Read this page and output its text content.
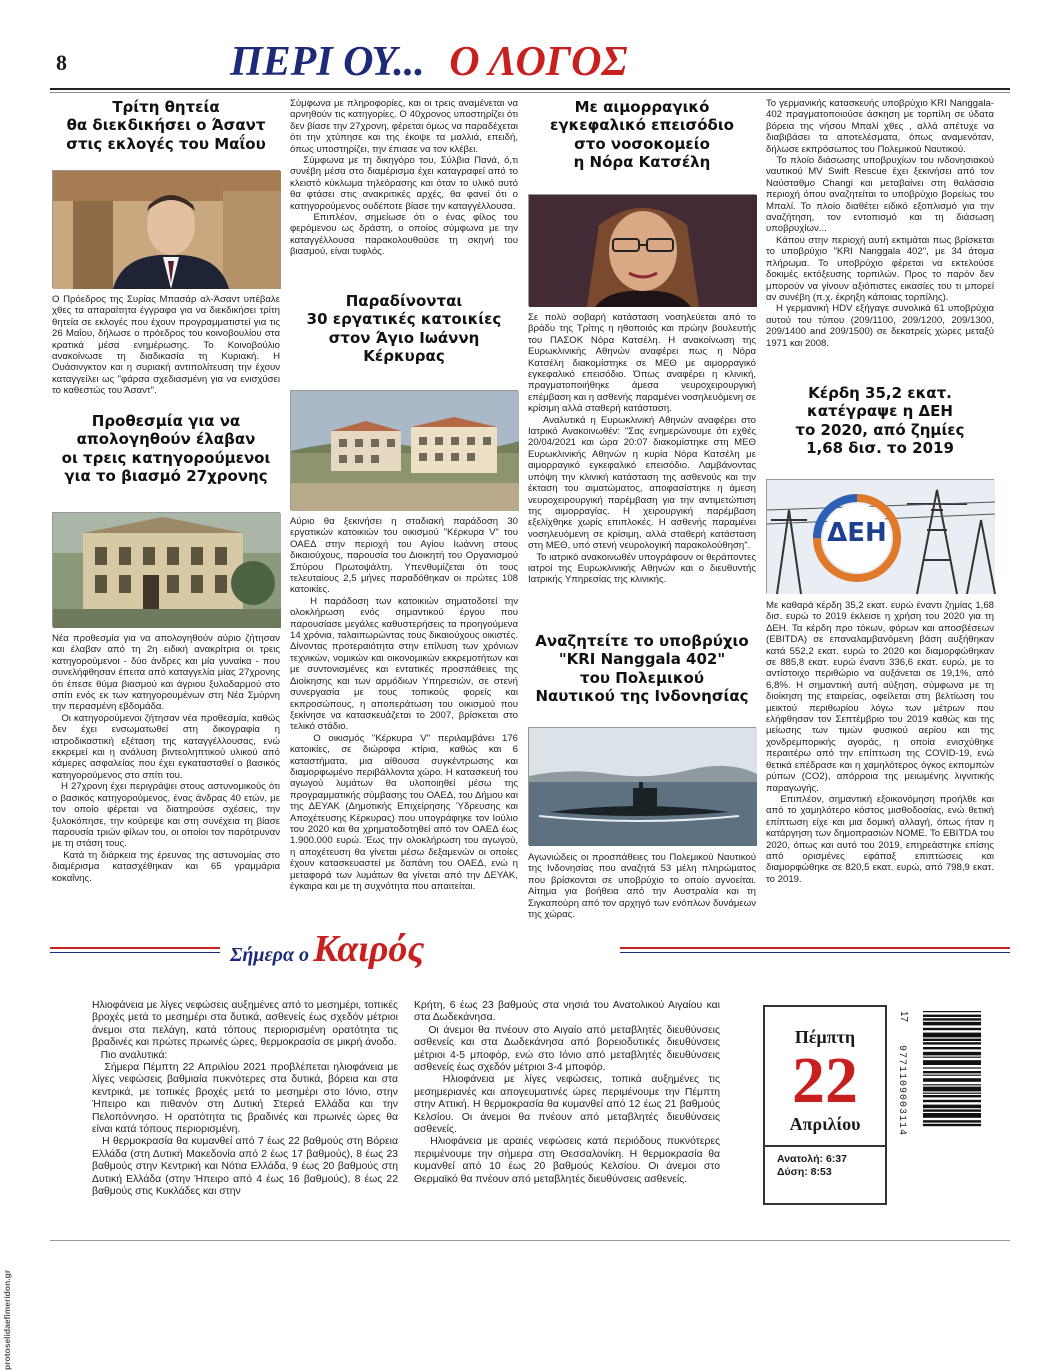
8	ΠΕΡΙ ΟΥ... Ο ΛΟΓΟΣ
Τρίτη θητεία
θα διεκδικήσει ο Άσαντ
στις εκλογές του Μαΐου
Ο Πρόεδρος της Συρίας Μπασάρ αλ-Άσαντ υπέβαλε χθες τα απαραίτητα έγγραφα για να διεκδικήσει τρίτη θητεία σε εκλογές που έχουν προγραμματιστεί για τις 26 Μαΐου, δήλωσε ο πρόεδρος του κοινοβουλίου στα κρατικά μέσα ενημέρωσης. Το Κοινοβούλιο ανακοίνωσε τη διαδικασία τη Κυριακή. Η Ουάσινγκτον και η συριακή αντιπολίτευση την έχουν καταγγείλει ως "φάρσα σχεδιασμένη για να ενισχύσει το καθεστώς του Άσαντ".
Προθεσμία για να
απολογηθούν έλαβαν
οι τρεις κατηγορούμενοι
για το βιασμό 27χρονης
Νέα προθεσμία για να απολογηθούν αύριο ζήτησαν και έλαβαν από τη 2η ειδική ανακρίτρια οι τρεις κατηγορούμενοι - δύο άνδρες και μία γυναίκα - που συνελήφθησαν έπειτα από καταγγελία μίας 27χρονης ότι έπεσε θύμα βιασμού και άγριου ξυλοδαρμού στο σπίτι ενός εκ των κατηγορουμένων στη Νέα Σμύρνη την περασμένη εβδομάδα.
Οι κατηγορούμενοι ζήτησαν νέα προθεσμία, καθώς δεν έχει ενσωματωθεί στη δικογραφία η ιατροδικαστική εξέταση της καταγγέλλουσας, ενώ εκκρεμεί και η ανάλυση βιντεοληπτικού υλικού από κάμερες ασφαλείας που έχει εγκατασταθεί ο βασικός κατηγορούμενος στο σπίτι του.
Η 27χρονη έχει περιγράψει στους αστυνομικούς ότι ο βασικός κατηγορούμενος, ένας άνδρας 40 ετών, με τον οποίο φέρεται να διατηρούσε σχέσεις, την ξυλοκόπησε, την κούρεψε και στη συνέχεια τη βίασε παρουσία τριών φίλων του, οι οποίοι τον παρότρυναν με τη στάση τους.
Κατά τη διάρκεια της έρευνας της αστυνομίας στο διαμέρισμα κατασχέθηκαν και 65 γραμμάρια κοκαΐνης.
Σύμφωνα με πληροφορίες, και οι τρεις αναμένεται να αρνηθούν τις κατηγορίες. Ο 40χρονος υποστηρίζει ότι δεν βίασε την 27χρονη, φέρεται όμως να παραδέχεται ότι την χτύπησε και της έκοψε τα μαλλιά, επειδή, όπως υποστηρίζει, την έπιασε να τον κλέβει.
Σύμφωνα με τη δικηγόρο του, Σύλβια Πανά, ό,τι συνέβη μέσα στο διαμέρισμα έχει καταγραφεί από το κλειστό κύκλωμα τηλεόρασης και όταν το υλικό αυτό θα φτάσει στις ανακριτικές αρχές, θα φανεί ότι ο κατηγορούμενος ουδέποτε βίασε την καταγγέλλουσα.
Επιπλέον, σημείωσε ότι ο ένας φίλος του φερόμενου ως δράστη, ο οποίος σύμφωνα με την καταγγέλλουσα παρακολουθούσε τη σκηνή του βιασμού, είναι τυφλός.
Παραδίνονται
30 εργατικές κατοικίες
στον Άγιο Ιωάννη
Κέρκυρας
Αύριο θα ξεκινήσει η σταδιακή παράδοση 30 εργατικών κατοικιών του οικισμού "Κέρκυρα V" του ΟΑΕΔ στην περιοχή του Αγίου Ιωάννη στους δικαιούχους, παρουσία του Διοικητή του Οργανισμού Σπύρου Πρωτοψάλτη. Υπενθυμίζεται ότι τους τελευταίους 2,5 μήνες παραδόθηκαν οι πρώτες 108 κατοικίες.
Η παράδοση των κατοικιών σηματοδοτεί την ολοκλήρωση ενός σημαντικού έργου που παρουσίασε μεγάλες καθυστερήσεις τα προηγούμενα 14 χρόνια, ταλαιπωρώντας τους δικαιούχους οικιστές. Δίνοντας προτεραιότητα στην επίλυση των χρόνιων τεχνικών, νομικών και οικονομικών εκκρεμοτήτων και με συντονισμένες και εντατικές προσπάθειες της Διοίκησης και των αρμόδιων Υπηρεσιών, σε στενή συνεργασία με τους τοπικούς φορείς και εκπροσώπους, η αποπεράτωση του οικισμού που ξεκίνησε να κατασκευάζεται το 2007, βρίσκεται στο τελικό στάδιο.
Ο οικισμός "Κέρκυρα V" περιλαμβάνει 176 κατοικίες, σε διώροφα κτίρια, καθώς και 6 καταστήματα, μια αίθουσα συγκέντρωσης και διαμορφωμένο περιβάλλοντα χώρο. Η κατασκευή του αγωγού λυμάτων θα υλοποιηθεί μέσω της προγραμματικής σύμβασης του ΟΑΕΔ, του Δήμου και της ΔΕΥΑΚ (Δημοτικής Επιχείρησης Ύδρευσης και Αποχέτευσης Κέρκυρας) που υπογράφηκε τον Ιούλιο του 2020 και θα χρηματοδοτηθεί από τον ΟΑΕΔ έως 1.900.000 ευρώ. Έως την ολοκλήρωση του αγωγού, η αποχέτευση θα γίνεται μέσω δεξαμενών οι οποίες έχουν κατασκευαστεί με δαπάνη του ΟΑΕΔ, ενώ η μεταφορά των λυμάτων θα γίνεται από την ΔΕΥΑΚ, έγκαιρα και με τη συχνότητα που απαιτείται.
Με αιμορραγικό
εγκεφαλικό επεισόδιο
στο νοσοκομείο
η Νόρα Κατσέλη
Σε πολύ σοβαρή κατάσταση νοσηλεύεται από το βράδυ της Τρίτης η ηθοποιός και πρώην βουλευτής του ΠΑΣΟΚ Νόρα Κατσέλη. Η ανακοίνωση της Ευρωκλινικής Αθηνών αναφέρει πως η Νόρα Κατσέλη διακομίστηκε σε ΜΕΘ με αιμορραγικό εγκεφαλικό επεισόδιο. Όπως αναφέρει η κλινική, πραγματοποιήθηκε άμεσα νευροχειρουργική επέμβαση και η ασθενής παραμένει νοσηλευόμενη σε κρίσιμη αλλά σταθερή κατάσταση.
Αναλυτικά η Ευρωκλινική Αθηνών αναφέρει στο Ιατρικό Ανακοινωθέν: "Σας ενημερώνουμε ότι εχθές 20/04/2021 και ώρα 20:07 διακομίστηκε στη ΜΕΘ Ευρωκλινικής Αθηνών η κυρία Νόρα Κατσέλη με αιμορραγικό εγκεφαλικό επεισόδιο. Λαμβάνοντας υπόψη την κλινική κατάσταση της ασθενούς και την έκταση του αιματώματος, αποφασίστηκε η άμεση νευροχειρουργική παρέμβαση για την αντιμετώπιση της αιμορραγίας. Η χειρουργική παρέμβαση εξελίχθηκε χωρίς επιπλοκές. Η ασθενής παραμένει νοσηλευόμενη σε κρίσιμη, αλλά σταθερή κατάσταση στη ΜΕΘ, υπό στενή νευρολογική παρακολούθηση".
Το ιατρικό ανακοινωθέν υπογράφουν οι θεράποντες ιατροί της Ευρωκλινικής Αθηνών και ο διευθυντής Ιατρικής Υπηρεσίας της κλινικής.
Αναζητείτε το υποβρύχιο
"KRI Nanggala 402"
του Πολεμικού
Ναυτικού της Ινδονησίας
Αγωνιώδεις οι προσπάθειες του Πολεμικού Ναυτικού της Ινδονησίας που αναζητά 53 μέλη πληρώματος που βρίσκονται σε υποβρύχιο το οποίο αγνοείται. Αίτημα για βοήθεια από την Αυστραλία και τη Σιγκαπούρη από τον αρχηγό των ενόπλων δυνάμεων της χώρας.
Το γερμανικής κατασκευής υποβρύχιο KRI Nanggala-402 πραγματοποιούσε άσκηση με τορπίλη σε ύδατα βόρεια της νήσου Μπαλί χθες , αλλά απέτυχε να διαβιβάσει τα αποτελέσματα, όπως αναμενόταν, δήλωσε εκπρόσωπος του Πολεμικού Ναυτικού.
Το πλοίο διάσωσης υποβρυχίων του ινδονησιακού ναυτικού MV Swift Rescue έχει ξεκινήσει από τον Ναύσταθμο Changi και μεταβαίνει στη θαλάσσια περιοχή όπου αναζητείται το υποβρύχιο βορείως του Μπαλί. Το πλοίο διαθέτει ειδικό εξοπλισμό για την αναζήτηση, τον εντοπισμό και τη διάσωση υποβρυχίων...
Κάπου στην περιοχή αυτή εκτιμάται πως βρίσκεται το υποβρύχιο "KRI Nanggala 402", με 34 άτομα πλήρωμα. Το υποβρύχιο φέρεται να εκτελούσε δοκιμές εκτόξευσης τορπιλών. Προς το παρόν δεν μπορούν να γίνουν αξιόπιστες εικασίες του τι μπορεί αν συνέβη (π.χ. έκρηξη κάποιας τορπίλης).
Η γερμανική HDV εξήγαγε συνολικά 61 υποβρύχια αυτού του τύπου (209/1100, 209/1200, 209/1300, 209/1400 and 209/1500) σε δεκατρείς χώρες μεταξύ 1971 και 2008.
Κέρδη 35,2 εκατ.
κατέγραψε η ΔΕΗ
το 2020, από ζημίες
1,68 δισ. το 2019
ΔΕΗ
Με καθαρά κέρδη 35,2 εκατ. ευρώ έναντι ζημίας 1,68 δισ. ευρώ το 2019 έκλεισε η χρήση του 2020 για τη ΔΕΗ. Τα κέρδη προ τόκων, φόρων και αποσβέσεων (EBITDA) σε επαναλαμβανόμενη βάση αυξήθηκαν κατά 552,2 εκατ. ευρώ το 2020 και διαμορφώθηκαν σε 885,8 εκατ. ευρώ έναντι 336,6 εκατ. ευρώ, με το αντίστοιχο περιθώριο να αυξάνεται σε 19,1%, από 6,8%. Η σημαντική αυτή αύξηση, σύμφωνα με τη διοίκηση της εταιρείας, οφείλεται στη βελτίωση του μεικτού περιθωρίου λόγω των μέτρων που ελήφθησαν τον Σεπτέμβριο του 2019 καθώς και της μείωσης των τιμών φυσικού αερίου και της χονδρεμπορικής αγοράς, η οποία ενισχύθηκε περαιτέρω από την επίπτωση της COVID-19, ενώ θετικά επέδρασε και η χαμηλότερος όγκος εκπομπών ρύπων (CO2), απόρροια της μειωμένης λιγνιτικής παραγωγής.
Επιπλέον, σημαντική εξοικονόμηση προήλθε και από το χαμηλότερο κόστος μισθοδοσίας, ενώ θετική επίπτωση είχε και μια δομική αλλαγή, όπως ήταν η κατάργηση των δημοπρασιών ΝΟΜΕ. Το EBITDA του 2020, όπως και αυτό του 2019, επηρεάστηκε επίσης από ορισμένες εφάπαξ επιπτώσεις και διαμορφώθηκε σε 820,5 εκατ. ευρώ, από 798,9 εκατ. το 2019.
Σήμερα ο Καιρός
Ηλιοφάνεια με λίγες νεφώσεις αυξημένες από το μεσημέρι, τοπικές βροχές μετά το μεσημέρι στα δυτικά, ασθενείς έως σχεδόν μέτριοι άνεμοι στα πελάγη, κατά τόπους περιορισμένη ορατότητα τις βραδινές και πρώτες πρωινές ώρες, θερμοκρασία σε μικρή άνοδο.
Πιο αναλυτικά:
Σήμερα Πέμπτη 22 Απριλίου 2021 προβλέπεται ηλιοφάνεια με λίγες νεφώσεις βαθμιαία πυκνότερες στα δυτικά, βόρεια και στα κεντρικά, με τοπικές βροχές μετά το μεσημέρι στο Ιόνιο, στην Ήπειρο και πιθανόν στη Δυτική Στερεά Ελλάδα και την Πελοπόννησο. Η ορατότητα τις βραδινές και πρωινές ώρες θα είναι κατά τόπους περιορισμένη.
Η θερμοκρασία θα κυμανθεί από 7 έως 22 βαθμούς στη Βόρεια Ελλάδα (στη Δυτική Μακεδονία από 2 έως 17 βαθμούς), 8 έως 23 βαθμούς στην Κεντρική και Νότια Ελλάδα, 9 έως 20 βαθμούς στη Δυτική Ελλάδα (στην Ήπειρο από 4 έως 16 βαθμούς), 8 έως 22 βαθμούς στις Κυκλάδες και στην
Κρήτη, 6 έως 23 βαθμούς στα νησιά του Ανατολικού Αιγαίου και στα Δωδεκάνησα.
Οι άνεμοι θα πνέουν στο Αιγαίο από μεταβλητές διευθύνσεις ασθενείς και στα Δωδεκάνησα από βορειοδυτικές διευθύνσεις μέτριοι 4-5 μποφόρ, ενώ στο Ιόνιο από μεταβλητές διευθύνσεις ασθενείς έως σχεδόν μέτριοι 3-4 μποφόρ.
Ηλιοφάνεια με λίγες νεφώσεις, τοπικά αυξημένες τις μεσημεριανές και απογευματινές ώρες περιμένουμε την Πέμπτη στην Αττική. Η θερμοκρασία θα κυμανθεί από 12 έως 21 βαθμούς Κελσίου. Οι άνεμοι θα πνέουν από μεταβλητές διευθύνσεις ασθενείς.
Ηλιοφάνεια με αραιές νεφώσεις κατά περιόδους πυκνότερες περιμένουμε την σήμερα στη Θεσσαλονίκη. Η θερμοκρασία θα κυμανθεί από 10 έως 20 βαθμούς Κελσίου. Οι άνεμοι στο Θερμαϊκό θα πνέουν από μεταβλητές διευθύνσεις ασθενείς.
Πέμπτη
22
Απριλίου
Ανατολή: 6:37
Δύση: 8:53
17
9771109003114
protoselidaefimeridon.gr
